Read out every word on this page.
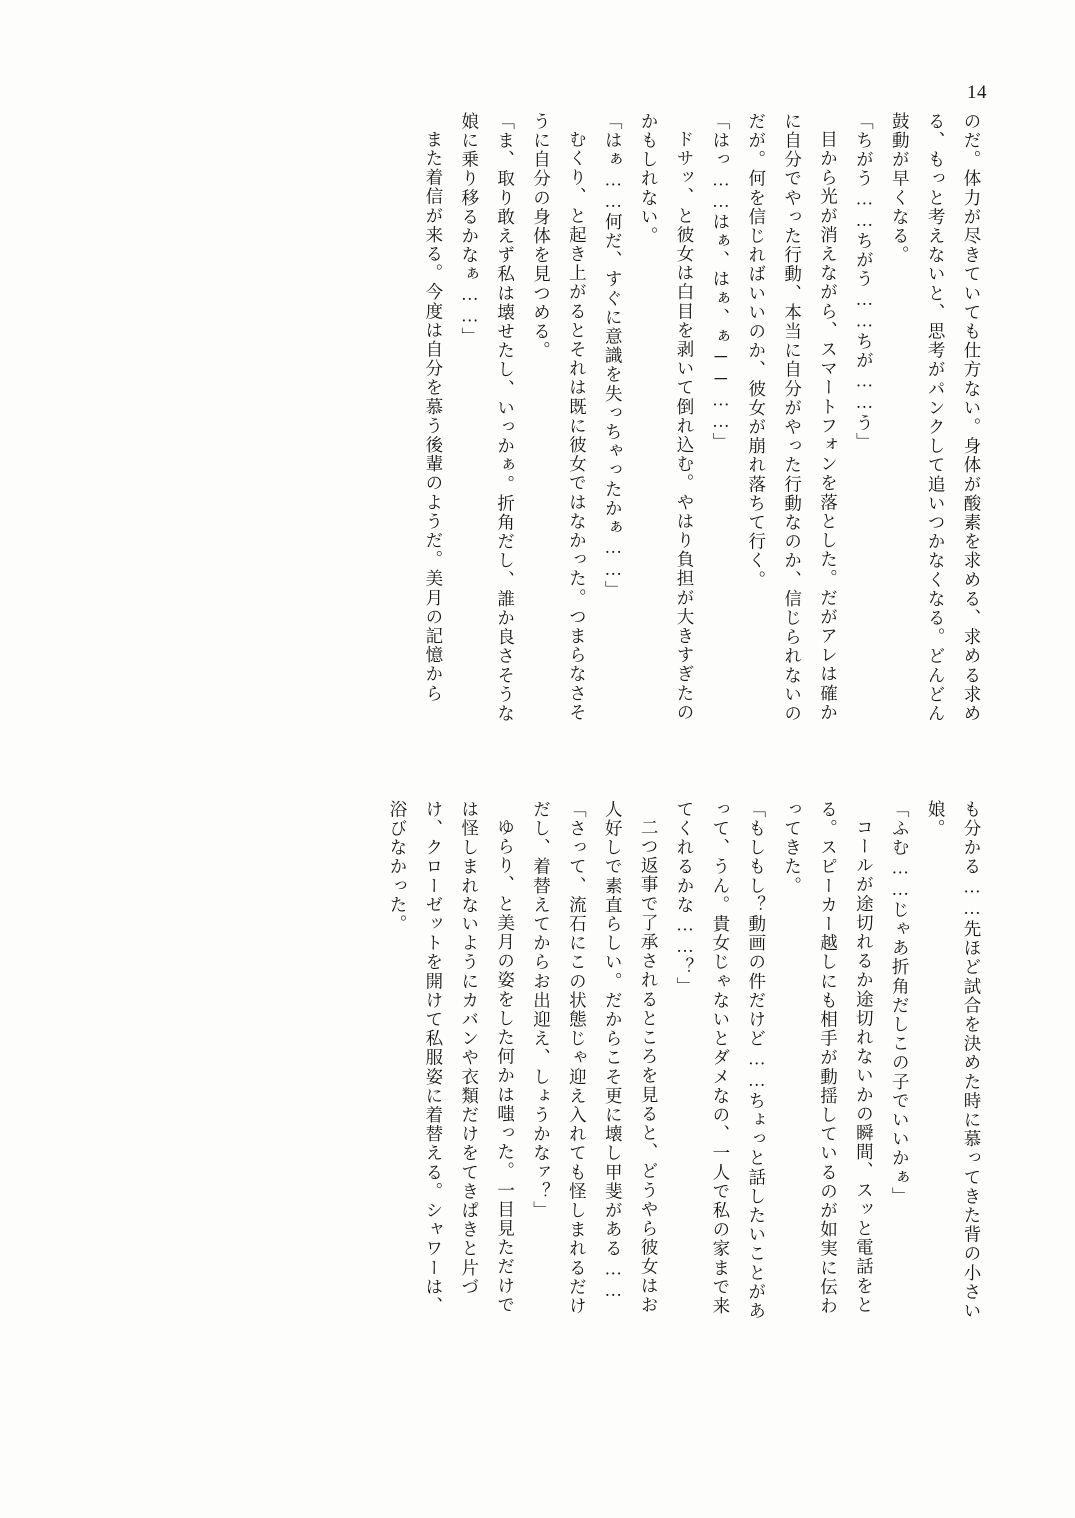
14

のだ。体力が尽きていても仕方ない。身体が酸素を求める、求める求める、もっと考えないと、思考がパンクして追いつかなくなる。どんどん鼓動が早くなる。

「ちがう……ちがう……ちが……う」

目から光が消えながら、スマートフォンを落とした。だがアレは確かに自分でやった行動、本当に自分がやった行動なのか、信じられないのだが。何を信じればいいのか、彼女が崩れ落ちて行く。

「はっ……はぁ、はぁ、ぁ──……」

ドサッ、と彼女は白目を剥いて倒れ込む。やはり負担が大きすぎたのかもしれない。

「はぁ……何だ、すぐに意識を失っちゃったかぁ……」

むくり、と起き上がるとそれは既に彼女ではなかった。つまらなさそうに自分の身体を見つめる。

「ま、取り敢えず私は壊せたし、いっかぁ。折角だし、誰か良さそうな娘に乗り移るかなぁ……」

また着信が来る。今度は自分を慕う後輩のようだ。美月の記憶から

も分かる……先ほど試合を決めた時に慕ってきた背の小さい娘。

「ふむ……じゃあ折角だしこの子でいいかぁ」

コールが途切れるか途切れないかの瞬間、スッと電話をとる。スピーカー越しにも相手が動揺しているのが如実に伝わってきた。

「もしもし？動画の件だけど……ちょっと話したいことがあって、うん。貴女じゃないとダメなの、一人で私の家まで来てくれるかな……？」

二つ返事で了承されるところを見ると、どうやら彼女はお人好しで素直らしい。だからこそ更に壊し甲斐がある……

「さって、流石にこの状態じゃ迎え入れても怪しまれるだけだし、着替えてからお出迎え、しょうかなァ？」

ゆらり、と美月の姿をした何かは嗤った。一目見ただけでは怪しまれないようにカバンや衣類だけをてきぱきと片づけ、クローゼットを開けて私服姿に着替える。シャワーは、浴びなかった。
